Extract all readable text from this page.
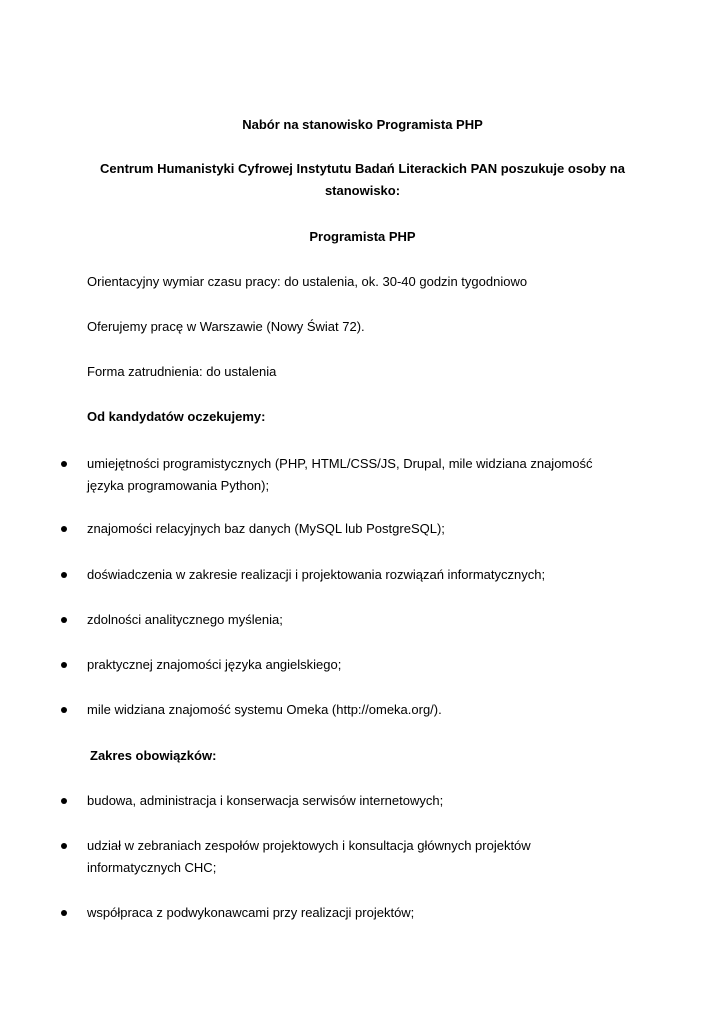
Nabór na stanowisko Programista PHP
Centrum Humanistyki Cyfrowej Instytutu Badań Literackich PAN poszukuje osoby na
stanowisko:
Programista PHP
Orientacyjny wymiar czasu pracy: do ustalenia, ok. 30-40 godzin tygodniowo
Oferujemy pracę w Warszawie (Nowy Świat 72).
Forma zatrudnienia: do ustalenia
Od kandydatów oczekujemy:
umiejętności programistycznych (PHP, HTML/CSS/JS, Drupal, mile widziana znajomość
języka programowania Python);
znajomości relacyjnych baz danych (MySQL lub PostgreSQL);
doświadczenia w zakresie realizacji i projektowania rozwiązań informatycznych;
zdolności analitycznego myślenia;
praktycznej znajomości języka angielskiego;
mile widziana znajomość systemu Omeka (http://omeka.org/).
Zakres obowiązków:
budowa, administracja i konserwacja serwisów internetowych;
udział w zebraniach zespołów projektowych i konsultacja głównych projektów
informatycznych CHC;
współpraca z podwykonawcami przy realizacji projektów;
